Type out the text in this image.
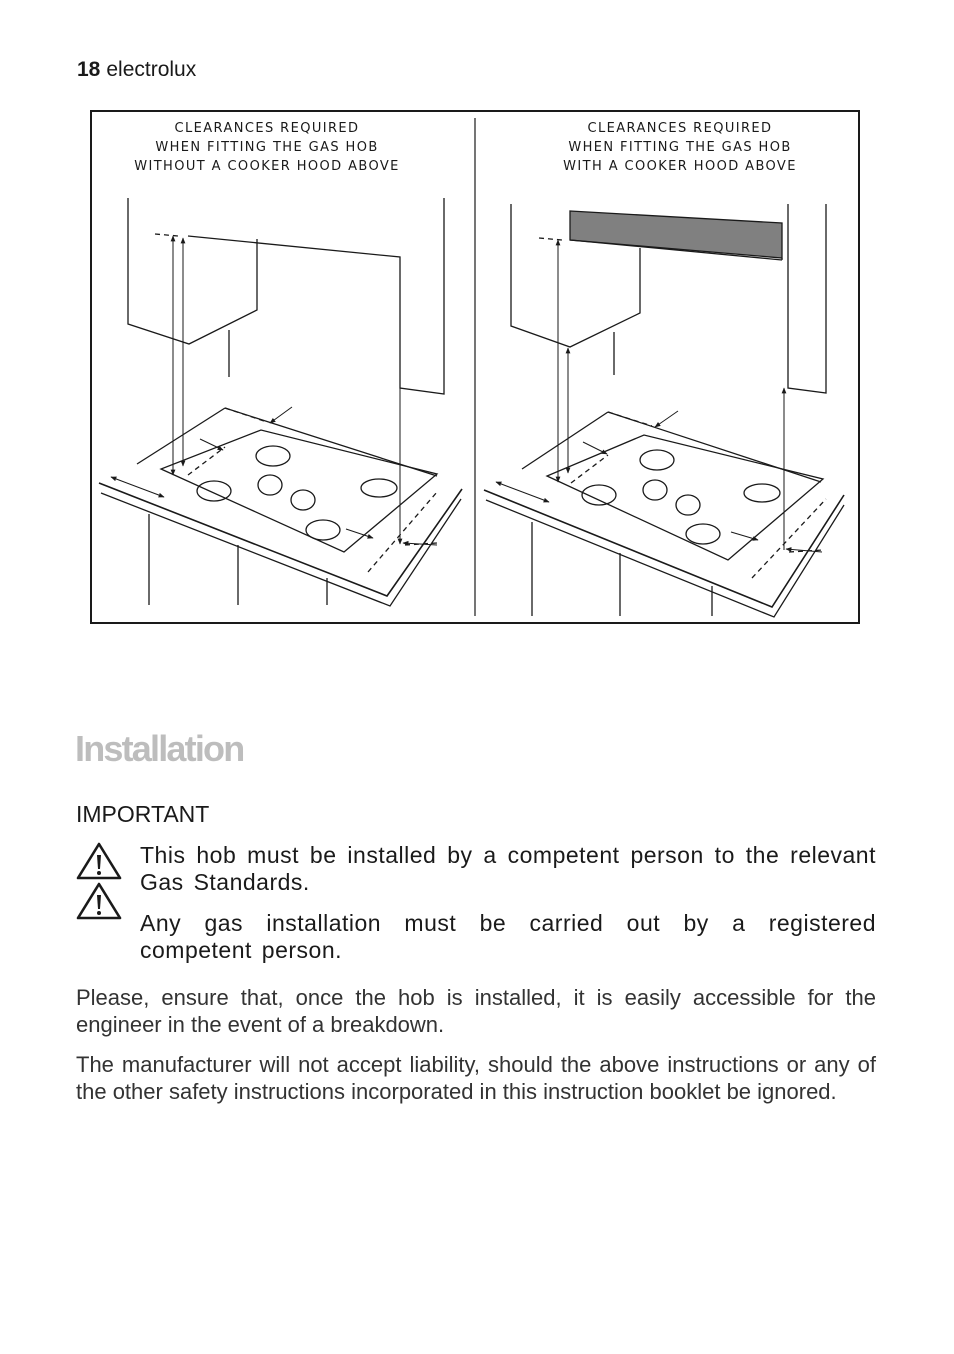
18 electrolux
CLEARANCES REQUIRED
WHEN FITTING THE GAS HOB
WITHOUT A COOKER HOOD ABOVE
CLEARANCES REQUIRED
WHEN FITTING THE GAS HOB
WITH A COOKER HOOD ABOVE
Installation
IMPORTANT
This hob must be installed by a competent person to the relevant Gas Standards.
Any gas installation must be carried out by a registered competent person.

Please, ensure that, once the hob is installed, it is easily accessible for the engineer in the event of a breakdown.

The manufacturer will not accept liability, should the above instructions or any of the other safety instructions incorporated in this instruction booklet be ignored.
